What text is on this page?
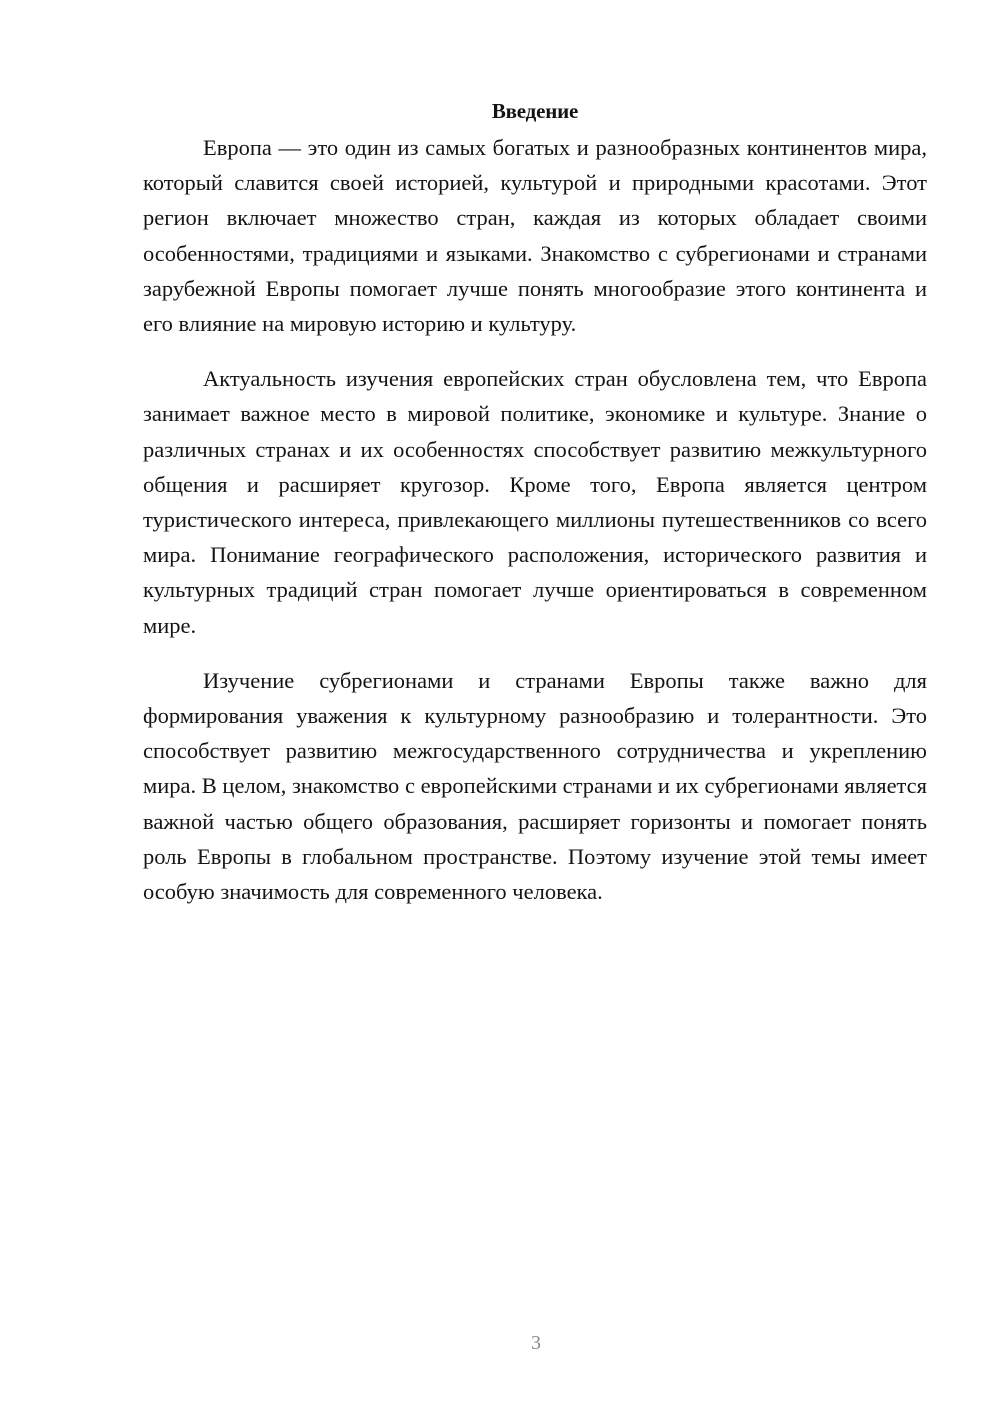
Введение

Европа — это один из самых богатых и разнообразных континентов мира, который славится своей историей, культурой и природными красотами. Этот регион включает множество стран, каждая из которых обладает своими особенностями, традициями и языками. Знакомство с субрегионами и странами зарубежной Европы помогает лучше понять многообразие этого континента и его влияние на мировую историю и культуру.

Актуальность изучения европейских стран обусловлена тем, что Европа занимает важное место в мировой политике, экономике и культуре. Знание о различных странах и их особенностях способствует развитию межкультурного общения и расширяет кругозор. Кроме того, Европа является центром туристического интереса, привлекающего миллионы путешественников со всего мира. Понимание географического расположения, исторического развития и культурных традиций стран помогает лучше ориентироваться в современном мире.

Изучение субрегионами и странами Европы также важно для формирования уважения к культурному разнообразию и толерантности. Это способствует развитию межгосударственного сотрудничества и укреплению мира. В целом, знакомство с европейскими странами и их субрегионами является важной частью общего образования, расширяет горизонты и помогает понять роль Европы в глобальном пространстве. Поэтому изучение этой темы имеет особую значимость для современного человека.

3
